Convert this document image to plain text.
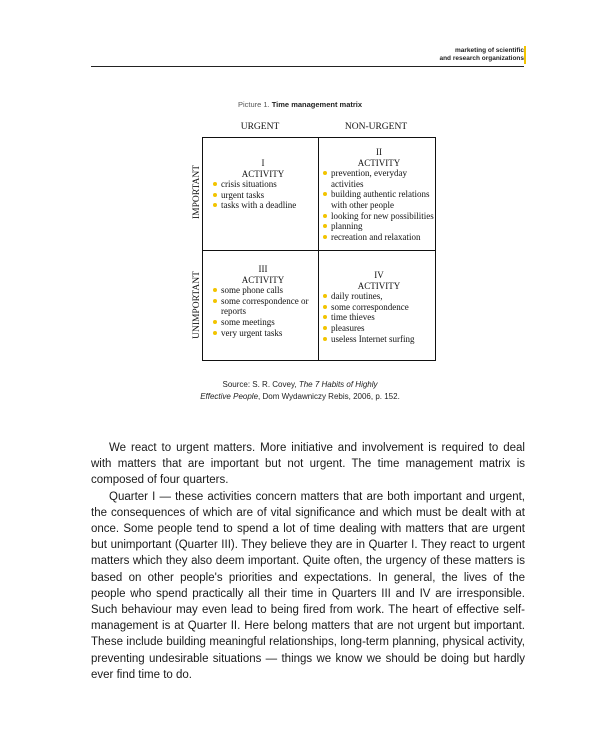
marketing of scientific
and research organizations
Picture 1. Time management matrix
URGENT	NON-URGENT
IMPORTANT
UNIMPORTANT
I
ACTIVITY
crisis situations
urgent tasks
tasks with a deadline
II
ACTIVITY
prevention, everyday activities
building authentic relations with other people
looking for new possibilities
planning
recreation and relaxation
III
ACTIVITY
some phone calls
some correspondence or reports
some meetings
very urgent tasks
IV
ACTIVITY
daily routines,
some correspondence
time thieves
pleasures
useless Internet surfing
Source: S. R. Covey, The 7 Habits of Highly
Effective People, Dom Wydawniczy Rebis, 2006, p. 152.

We react to urgent matters. More initiative and involvement is required to deal with matters that are important but not urgent. The time management matrix is composed of four quarters.

Quarter I — these activities concern matters that are both important and urgent, the consequences of which are of vital significance and which must be dealt with at once. Some people tend to spend a lot of time dealing with matters that are urgent but unimportant (Quarter III). They believe they are in Quarter I. They react to urgent matters which they also deem important. Quite often, the urgency of these matters is based on other people's priorities and expectations. In general, the lives of the people who spend practically all their time in Quarters III and IV are irresponsible. Such behaviour may even lead to being fired from work. The heart of effective self-management is at Quarter II. Here belong matters that are not urgent but important. These include building meaningful relationships, long-term planning, physical activity, preventing undesirable situations — things we know we should be doing but hardly ever find time to do.
